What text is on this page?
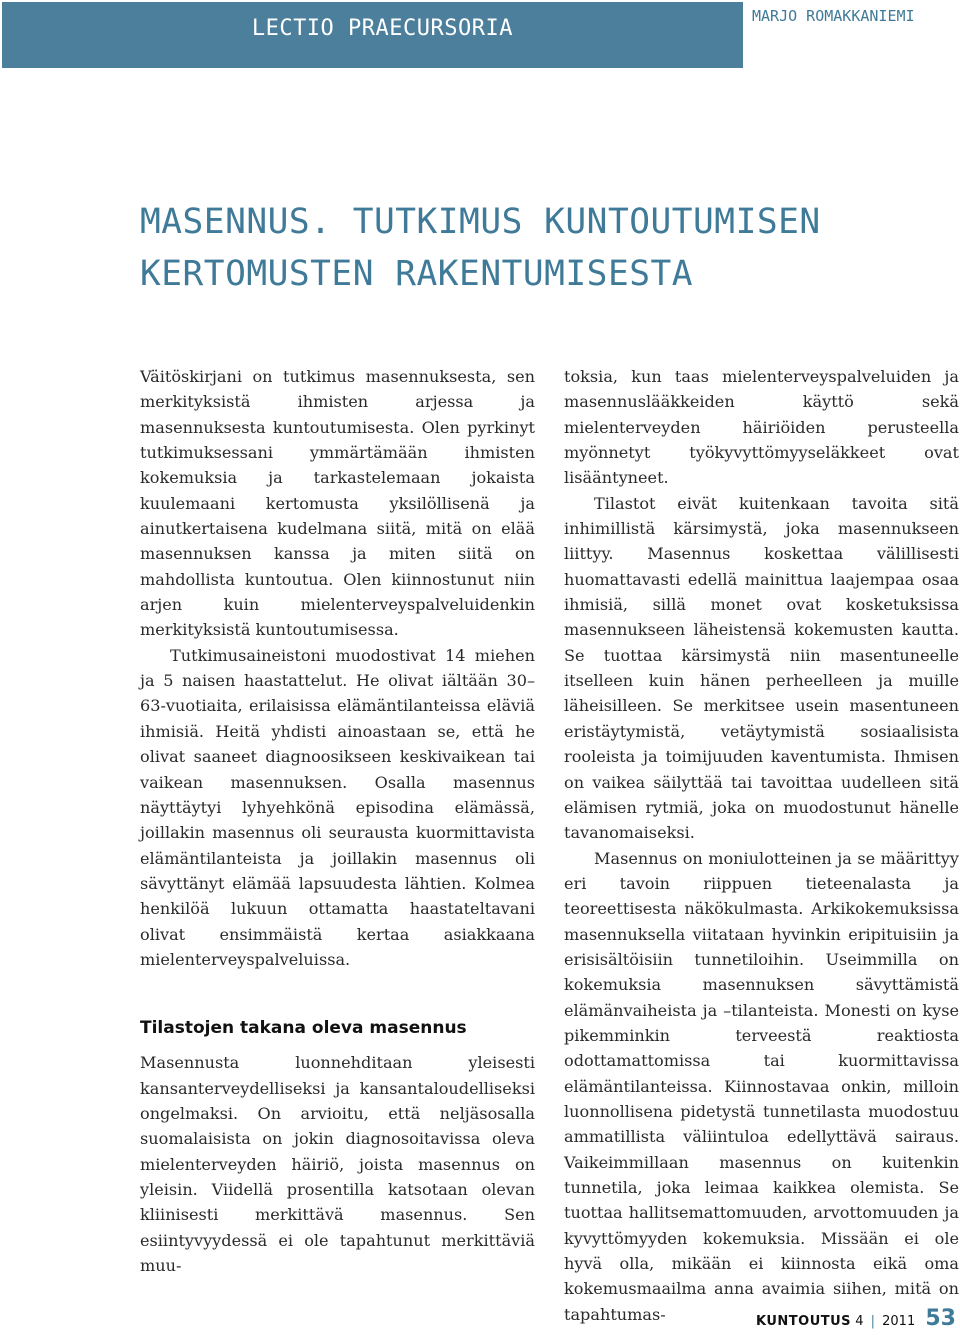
LECTIO PRAECURSORIA	MARJO ROMAKKANIEMI
MASENNUS. TUTKIMUS KUNTOUTUMISEN
KERTOMUSTEN RAKENTUMISESTA

Väitöskirjani on tutkimus masennuksesta, sen merkityksistä ihmisten arjessa ja masennuksesta kuntoutumisesta. Olen pyrkinyt tutkimuksessani ymmärtämään ihmisten kokemuksia ja tarkastelemaan jokaista kuulemaani kertomusta yksilöllisenä ja ainutkertaisena kudelmana siitä, mitä on elää masennuksen kanssa ja miten siitä on mahdollista kuntoutua. Olen kiinnostunut niin arjen kuin mielenterveyspalveluidenkin merkityksistä kuntoutumisessa.

Tutkimusaineistoni muodostivat 14 miehen ja 5 naisen haastattelut. He olivat iältään 30–63-vuotiaita, erilaisissa elämäntilanteissa eläviä ihmisiä. Heitä yhdisti ainoastaan se, että he olivat saaneet diagnoosikseen keskivaikean tai vaikean masennuksen. Osalla masennus näyttäytyi lyhyehkönä episodina elämässä, joillakin masennus oli seurausta kuormittavista elämäntilanteista ja joillakin masennus oli sävyttänyt elämää lapsuudesta lähtien. Kolmea henkilöä lukuun ottamatta haastateltavani olivat ensimmäistä kertaa asiakkaana mielenterveyspalveluissa.

Tilastojen takana oleva masennus

Masennusta luonnehditaan yleisesti kansanterveydelliseksi ja kansantaloudelliseksi ongelmaksi. On arvioitu, että neljäsosalla suomalaisista on jokin diagnosoitavissa oleva mielenterveyden häiriö, joista masennus on yleisin. Viidellä prosentilla katsotaan olevan kliinisesti merkittävä masennus. Sen esiintyvyydessä ei ole tapahtunut merkittäviä muu-

toksia, kun taas mielenterveyspalveluiden ja masennuslääkkeiden käyttö sekä mielenterveyden häiriöiden perusteella myönnetyt työkyvyttömyyseläkkeet ovat lisääntyneet.

Tilastot eivät kuitenkaan tavoita sitä inhimillistä kärsimystä, joka masennukseen liittyy. Masennus koskettaa välillisesti huomattavasti edellä mainittua laajempaa osaa ihmisiä, sillä monet ovat kosketuksissa masennukseen läheistensä kokemusten kautta. Se tuottaa kärsimystä niin masentuneelle itselleen kuin hänen perheelleen ja muille läheisilleen. Se merkitsee usein masentuneen eristäytymistä, vetäytymistä sosiaalisista rooleista ja toimijuuden kaventumista. Ihmisen on vaikea säilyttää tai tavoittaa uudelleen sitä elämisen rytmiä, joka on muodostunut hänelle tavanomaiseksi.

Masennus on moniulotteinen ja se määrittyy eri tavoin riippuen tieteenalasta ja teoreettisesta näkökulmasta. Arkikokemuksissa masennuksella viitataan hyvinkin eripituisiin ja erisisältöisiin tunnetiloihin. Useimmilla on kokemuksia masennuksen sävyttämistä elämänvaiheista ja –tilanteista. Monesti on kyse pikemminkin terveestä reaktiosta odottamattomissa tai kuormittavissa elämäntilanteissa. Kiinnostavaa onkin, milloin luonnollisena pidetystä tunnetilasta muodostuu ammatillista väliintuloa edellyttävä sairaus. Vaikeimmillaan masennus on kuitenkin tunnetila, joka leimaa kaikkea olemista. Se tuottaa hallitsemattomuuden, arvottomuuden ja kyvyttömyyden kokemuksia. Missään ei ole hyvä olla, mikään ei kiinnosta eikä oma kokemusmaailma anna avaimia siihen, mitä on tapahtumas-	KUNTOUTUS 4 | 2011 53
